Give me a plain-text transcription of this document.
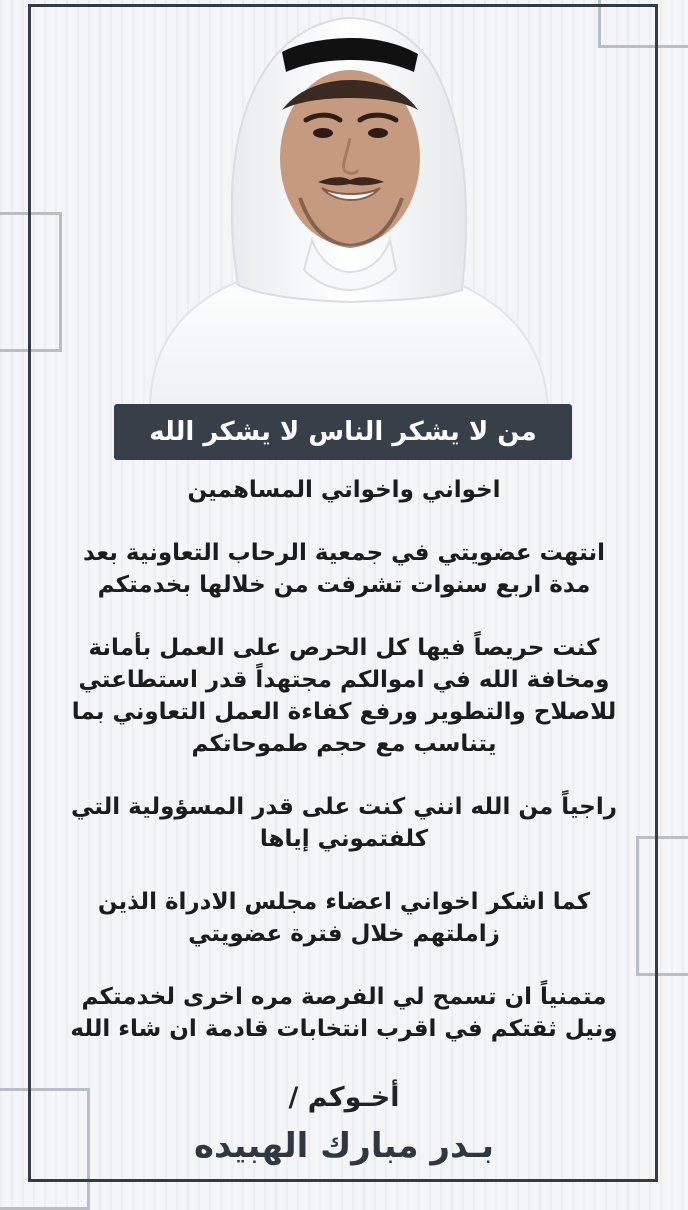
من لا يشكر الناس لا يشكر الله

اخواني واخواتي المساهمين

انتهت عضويتي في جمعية الرحاب التعاونية بعد
مدة اربع سنوات تشرفت من خلالها بخدمتكم

كنت حريصاً فيها كل الحرص على العمل بأمانة
ومخافة الله في اموالكم مجتهداً قدر استطاعتي
للاصلاح والتطوير ورفع كفاءة العمل التعاوني بما
يتناسب مع حجم طموحاتكم

راجياً من الله انني كنت على قدر المسؤولية التي
كلفتموني إياها

كما اشكر اخواني اعضاء مجلس الادراة الذين
زاملتهم خلال فترة عضويتي

متمنياً ان تسمح لي الفرصة مره اخرى لخدمتكم
ونيل ثقتكم في اقرب انتخابات قادمة ان شاء الله

أخـوكم /
بـدر مبارك الهبيده
